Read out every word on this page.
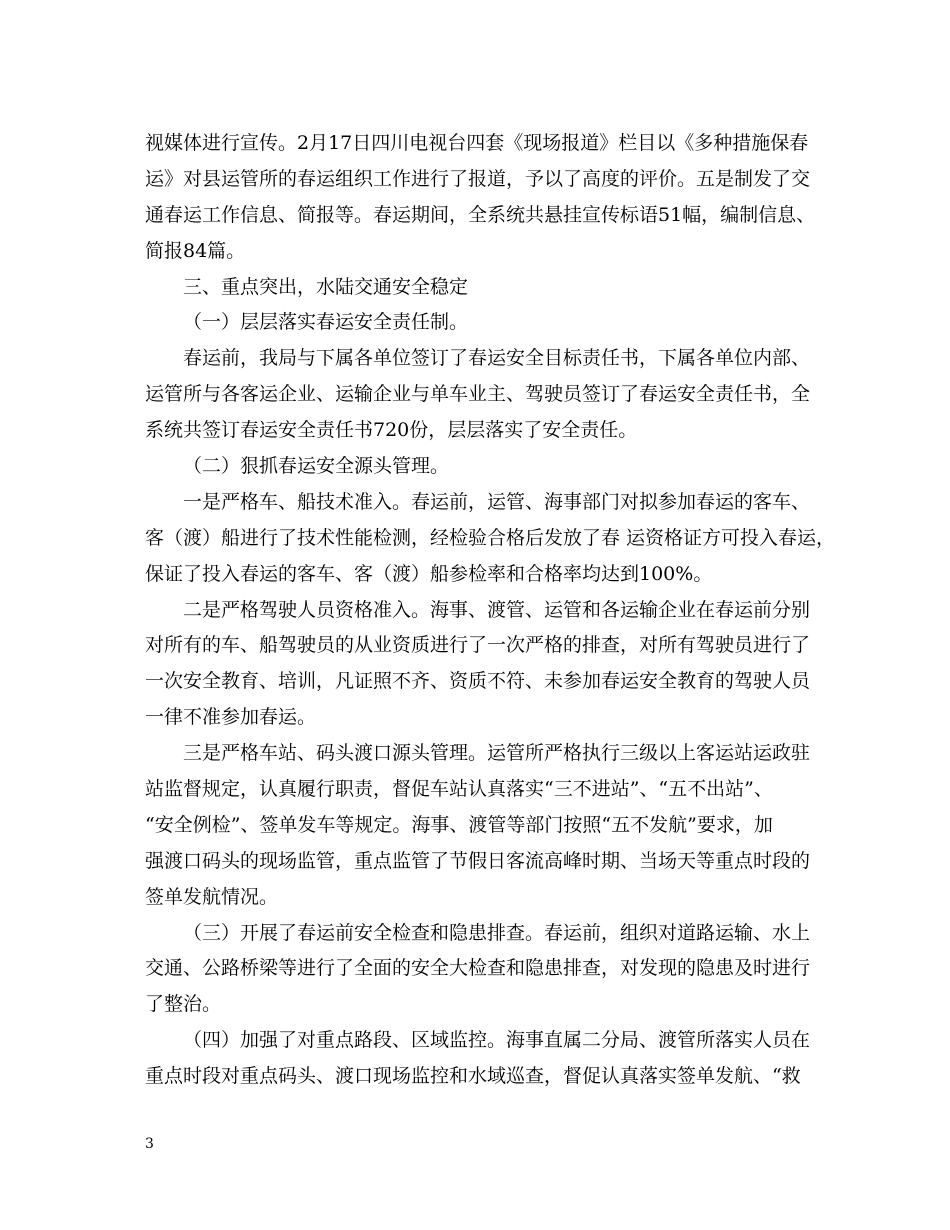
视媒体进行宣传。2月17日四川电视台四套《现场报道》栏目以《多种措施保春
运》对县运管所的春运组织工作进行了报道，予以了高度的评价。五是制发了交
通春运工作信息、简报等。春运期间，全系统共悬挂宣传标语51幅，编制信息、
简报84篇。
三、重点突出，水陆交通安全稳定
（一）层层落实春运安全责任制。
春运前，我局与下属各单位签订了春运安全目标责任书，下属各单位内部、
运管所与各客运企业、运输企业与单车业主、驾驶员签订了春运安全责任书，全
系统共签订春运安全责任书720份，层层落实了安全责任。
（二）狠抓春运安全源头管理。
一是严格车、船技术准入。春运前，运管、海事部门对拟参加春运的客车、
客（渡）船进行了技术性能检测，经检验合格后发放了春 运资格证方可投入春运，
保证了投入春运的客车、客（渡）船参检率和合格率均达到100%。
二是严格驾驶人员资格准入。海事、渡管、运管和各运输企业在春运前分别
对所有的车、船驾驶员的从业资质进行了一次严格的排查，对所有驾驶员进行了
一次安全教育、培训，凡证照不齐、资质不符、未参加春运安全教育的驾驶人员
一律不准参加春运。
三是严格车站、码头渡口源头管理。运管所严格执行三级以上客运站运政驻
站监督规定，认真履行职责，督促车站认真落实“三不进站”、“五不出站”、
“安全例检”、签单发车等规定。海事、渡管等部门按照“五不发航”要求，加
强渡口码头的现场监管，重点监管了节假日客流高峰时期、当场天等重点时段的
签单发航情况。
（三）开展了春运前安全检查和隐患排查。春运前，组织对道路运输、水上
交通、公路桥梁等进行了全面的安全大检查和隐患排查，对发现的隐患及时进行
了整治。
（四）加强了对重点路段、区域监控。海事直属二分局、渡管所落实人员在
重点时段对重点码头、渡口现场监控和水域巡查，督促认真落实签单发航、“救
3
